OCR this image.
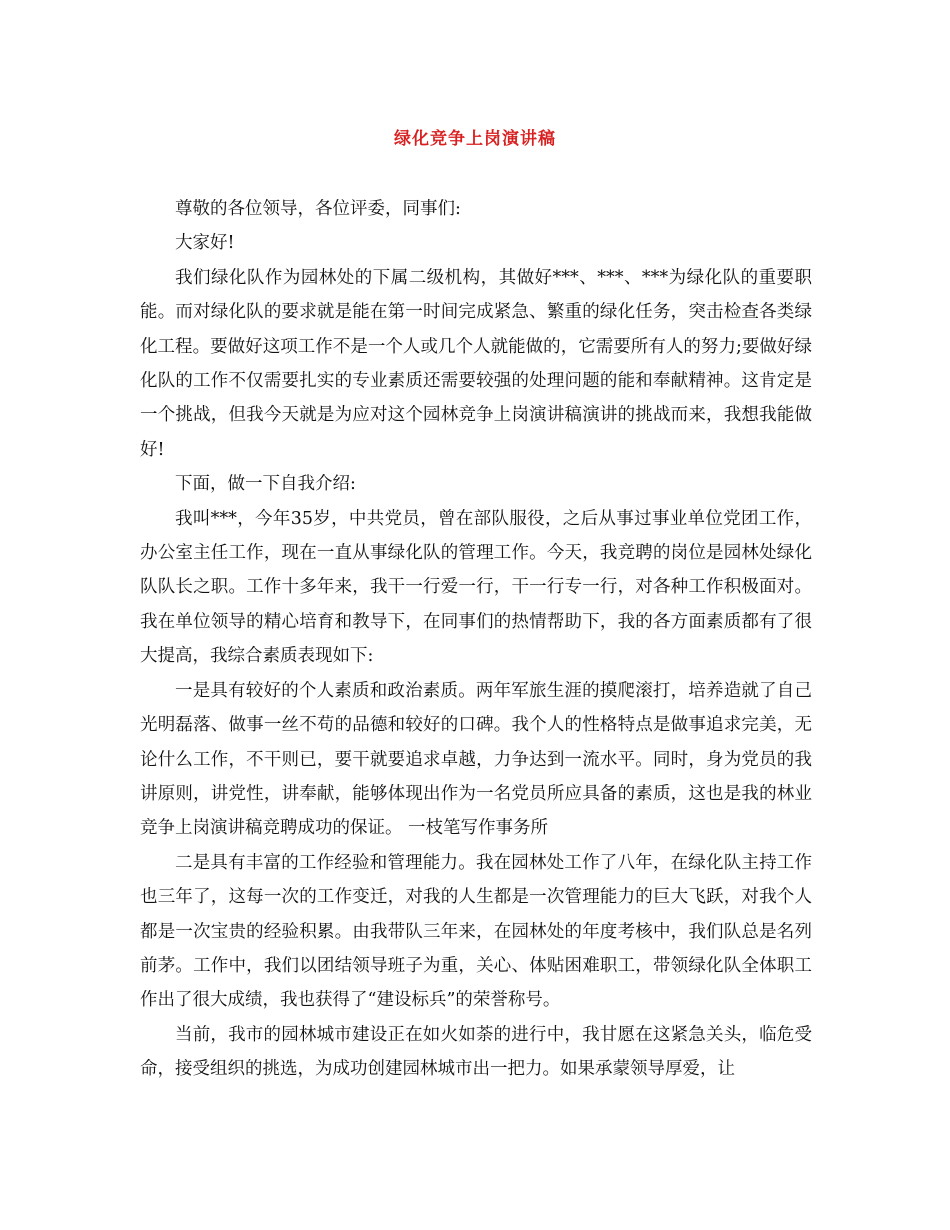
绿化竞争上岗演讲稿

尊敬的各位领导，各位评委，同事们:

大家好!

我们绿化队作为园林处的下属二级机构，其做好***、***、***为绿化队的重要职能。而对绿化队的要求就是能在第一时间完成紧急、繁重的绿化任务，突击检查各类绿化工程。要做好这项工作不是一个人或几个人就能做的，它需要所有人的努力;要做好绿化队的工作不仅需要扎实的专业素质还需要较强的处理问题的能和奉献精神。这肯定是一个挑战，但我今天就是为应对这个园林竞争上岗演讲稿演讲的挑战而来，我想我能做好!

下面，做一下自我介绍:

我叫***，今年35岁，中共党员，曾在部队服役，之后从事过事业单位党团工作，办公室主任工作，现在一直从事绿化队的管理工作。今天，我竞聘的岗位是园林处绿化队队长之职。工作十多年来，我干一行爱一行，干一行专一行，对各种工作积极面对。我在单位领导的精心培育和教导下，在同事们的热情帮助下，我的各方面素质都有了很大提高，我综合素质表现如下:

一是具有较好的个人素质和政治素质。两年军旅生涯的摸爬滚打，培养造就了自己光明磊落、做事一丝不苟的品德和较好的口碑。我个人的性格特点是做事追求完美，无论什么工作，不干则已，要干就要追求卓越，力争达到一流水平。同时，身为党员的我讲原则，讲党性，讲奉献，能够体现出作为一名党员所应具备的素质，这也是我的林业竞争上岗演讲稿竞聘成功的保证。 一枝笔写作事务所

二是具有丰富的工作经验和管理能力。我在园林处工作了八年，在绿化队主持工作也三年了，这每一次的工作变迁，对我的人生都是一次管理能力的巨大飞跃，对我个人都是一次宝贵的经验积累。由我带队三年来，在园林处的年度考核中，我们队总是名列前茅。工作中，我们以团结领导班子为重，关心、体贴困难职工，带领绿化队全体职工作出了很大成绩，我也获得了“建设标兵”的荣誉称号。

当前，我市的园林城市建设正在如火如荼的进行中，我甘愿在这紧急关头，临危受命，接受组织的挑选，为成功创建园林城市出一把力。如果承蒙领导厚爱，让
